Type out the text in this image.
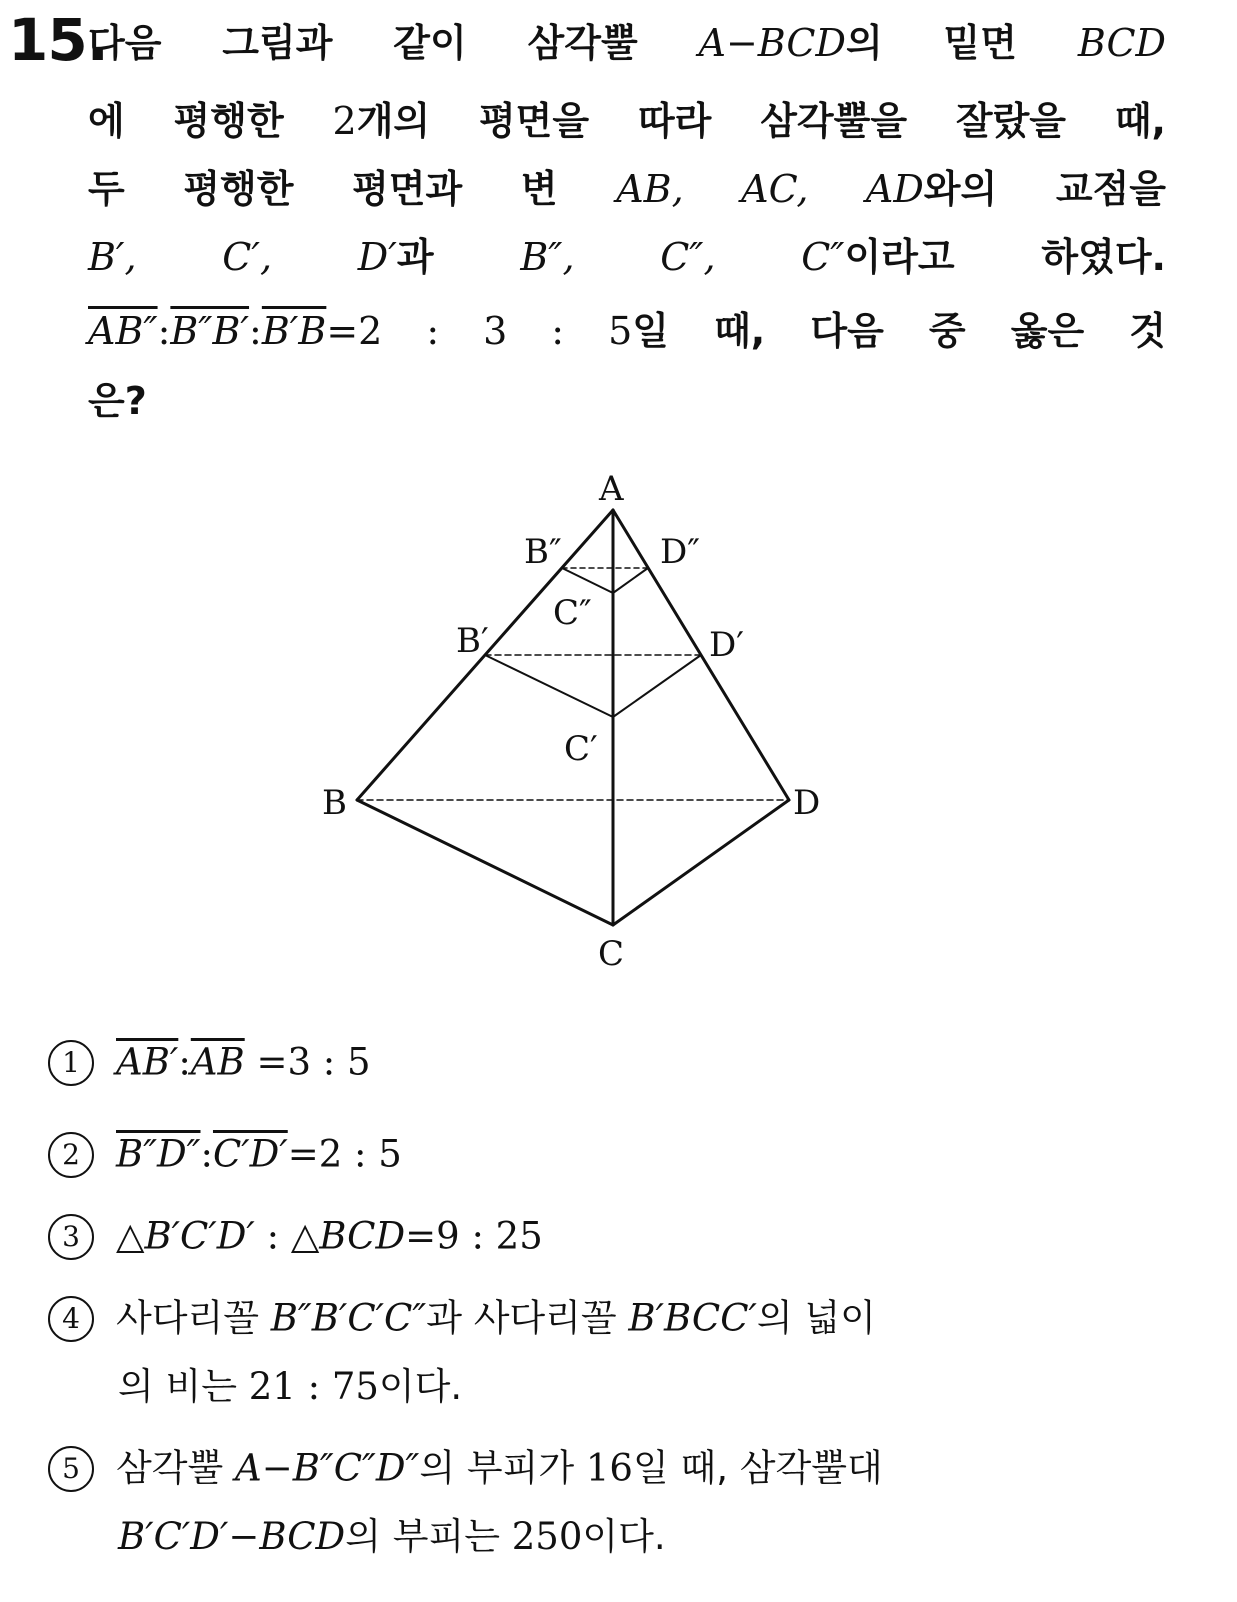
15.
다음 그림과 같이 삼각뿔 A−BCD의 밑면 BCD
에 평행한 2개의 평면을 따라 삼각뿔을 잘랐을 때,
두 평행한 평면과 변 AB, AC, AD와의 교점을
B′, C′, D′과 B″, C″, C″이라고 하였다.
AB″:B″B′:B′B=2 : 3 : 5일 때, 다음 중 옳은 것
은?
A
B″	D″
C″
B′	D′
C′
B	D
C
1 $AB':\overline{AB} =3$ : 5
2 B″D″:C′D′=2 : 5
3 △B′C′D′ : △BCD=9 : 25
4 사다리꼴 B″B′C′C″과 사다리꼴 B′BCC′의 넓이
의 비는 21 : 75이다.
5 삼각뿔 A−B″C″D″의 부피가 16일 때, 삼각뿔대
B′C′D′−BCD의 부피는 250이다.
